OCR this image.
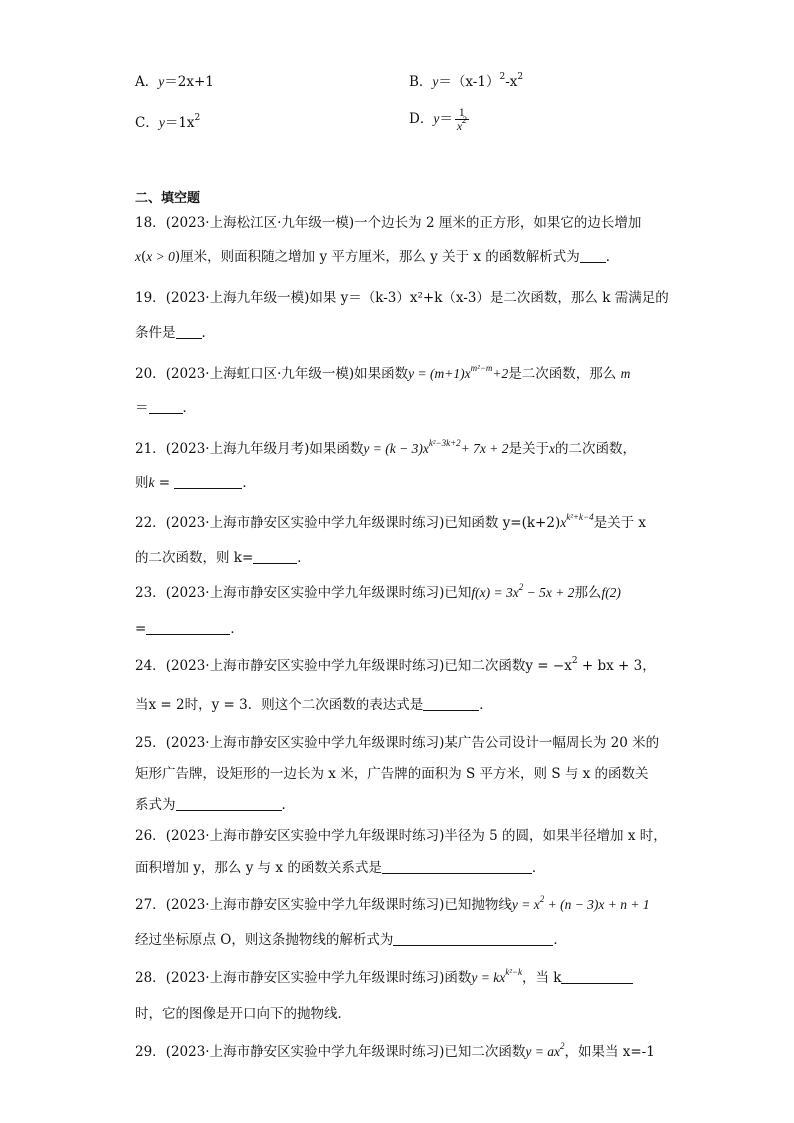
A．y＝2x+1	B．$y=(x-1)^2-x^2$
C．$y=1x^2$	D．$y= \frac{1}{x^2}$
二、填空题
18．(2023·上海松江区·九年级一模)一个边长为 2 厘米的正方形，如果它的边长增加
x(x > 0)厘米，则面积随之增加 y 平方厘米，那么 y 关于 x 的函数解析式为 ．
19．(2023·上海九年级一模)如果 y＝（k-3）x²+k（x-3）是二次函数，那么 k 需满足的
条件是 ．
20．(2023·上海虹口区·九年级一模)如果函数$y = (m+1)x^{m^2-m}+2$是二次函数，那么 m
＝	．
21．(2023·上海九年级月考)如果函数$y = (k - 3)x^{k^2-3k+2}+ 7x + 2$是关于x的二次函数，
则k =	．
22．(2023·上海市静安区实验中学九年级课时练习)已知函数 $y=(k+2)x^{k^2+k-4}$是关于 x
的二次函数，则 k=	．
23．(2023·上海市静安区实验中学九年级课时练习)已知$f(x) = 3x^2 - 5x + 2$那么f(2)
=	．
24．(2023·上海市静安区实验中学九年级课时练习)已知二次函数$y = -x^2$ + bx + 3，
当x = 2时，y = 3．则这个二次函数的表达式是	．
25．(2023·上海市静安区实验中学九年级课时练习)某广告公司设计一幅周长为 20 米的
矩形广告牌，设矩形的一边长为 x 米，广告牌的面积为 S 平方米，则 S 与 x 的函数关
系式为	．
26．(2023·上海市静安区实验中学九年级课时练习)半径为 5 的圆，如果半径增加 x 时，
面积增加 y，那么 y 与 x 的函数关系式是	．
27．(2023·上海市静安区实验中学九年级课时练习)已知抛物线$y = x^2 + (n - 3)x + n + 1$
经过坐标原点 O，则这条抛物线的解析式为	．
28．(2023·上海市静安区实验中学九年级课时练习)函数$y = kx^{k^2-k}$，当 k
时，它的图像是开口向下的抛物线．
29．(2023·上海市静安区实验中学九年级课时练习)已知二次函数$y = ax^2$，如果当 x=-1
